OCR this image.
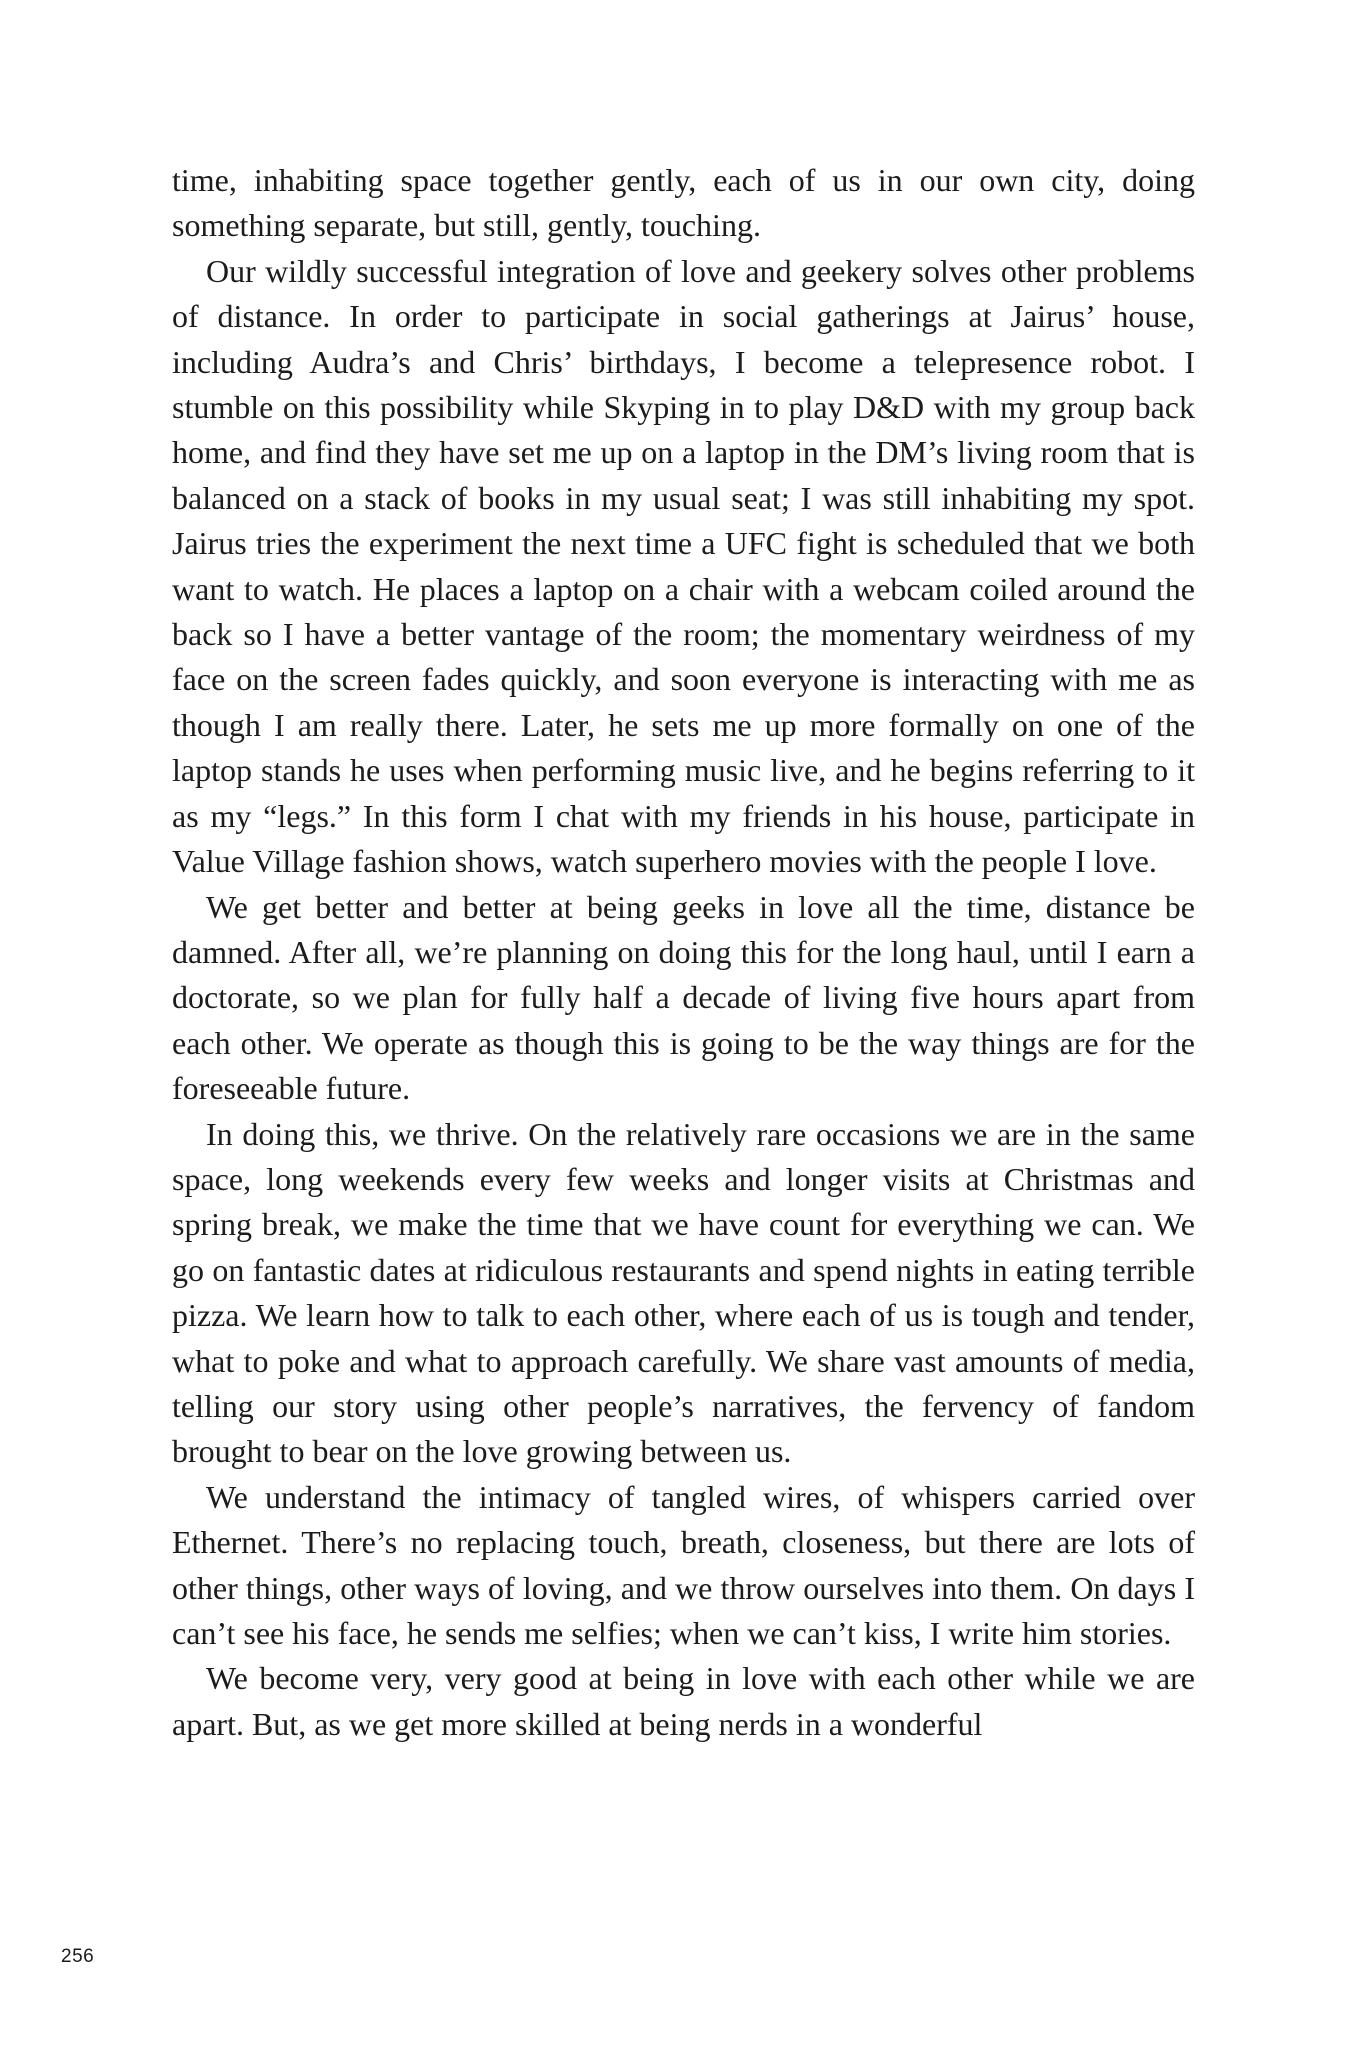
time, inhabiting space together gently, each of us in our own city, doing something separate, but still, gently, touching.

Our wildly successful integration of love and geekery solves other problems of distance. In order to participate in social gatherings at Jairus’ house, including Audra’s and Chris’ birthdays, I become a telepresence robot. I stumble on this possibility while Skyping in to play D&D with my group back home, and find they have set me up on a laptop in the DM’s living room that is balanced on a stack of books in my usual seat; I was still inhabiting my spot. Jairus tries the experiment the next time a UFC fight is scheduled that we both want to watch. He places a laptop on a chair with a webcam coiled around the back so I have a better vantage of the room; the momentary weirdness of my face on the screen fades quickly, and soon everyone is interacting with me as though I am really there. Later, he sets me up more formally on one of the laptop stands he uses when performing music live, and he begins referring to it as my “legs.” In this form I chat with my friends in his house, participate in Value Village fashion shows, watch superhero movies with the people I love.

We get better and better at being geeks in love all the time, distance be damned. After all, we’re planning on doing this for the long haul, until I earn a doctorate, so we plan for fully half a decade of living five hours apart from each other. We operate as though this is going to be the way things are for the foreseeable future.

In doing this, we thrive. On the relatively rare occasions we are in the same space, long weekends every few weeks and longer visits at Christmas and spring break, we make the time that we have count for everything we can. We go on fantastic dates at ridiculous restaurants and spend nights in eating terrible pizza. We learn how to talk to each other, where each of us is tough and tender, what to poke and what to approach carefully. We share vast amounts of media, telling our story using other people’s narratives, the fervency of fandom brought to bear on the love growing between us.

We understand the intimacy of tangled wires, of whispers carried over Ethernet. There’s no replacing touch, breath, closeness, but there are lots of other things, other ways of loving, and we throw ourselves into them. On days I can’t see his face, he sends me selfies; when we can’t kiss, I write him stories.

We become very, very good at being in love with each other while we are apart. But, as we get more skilled at being nerds in a wonderful

256
